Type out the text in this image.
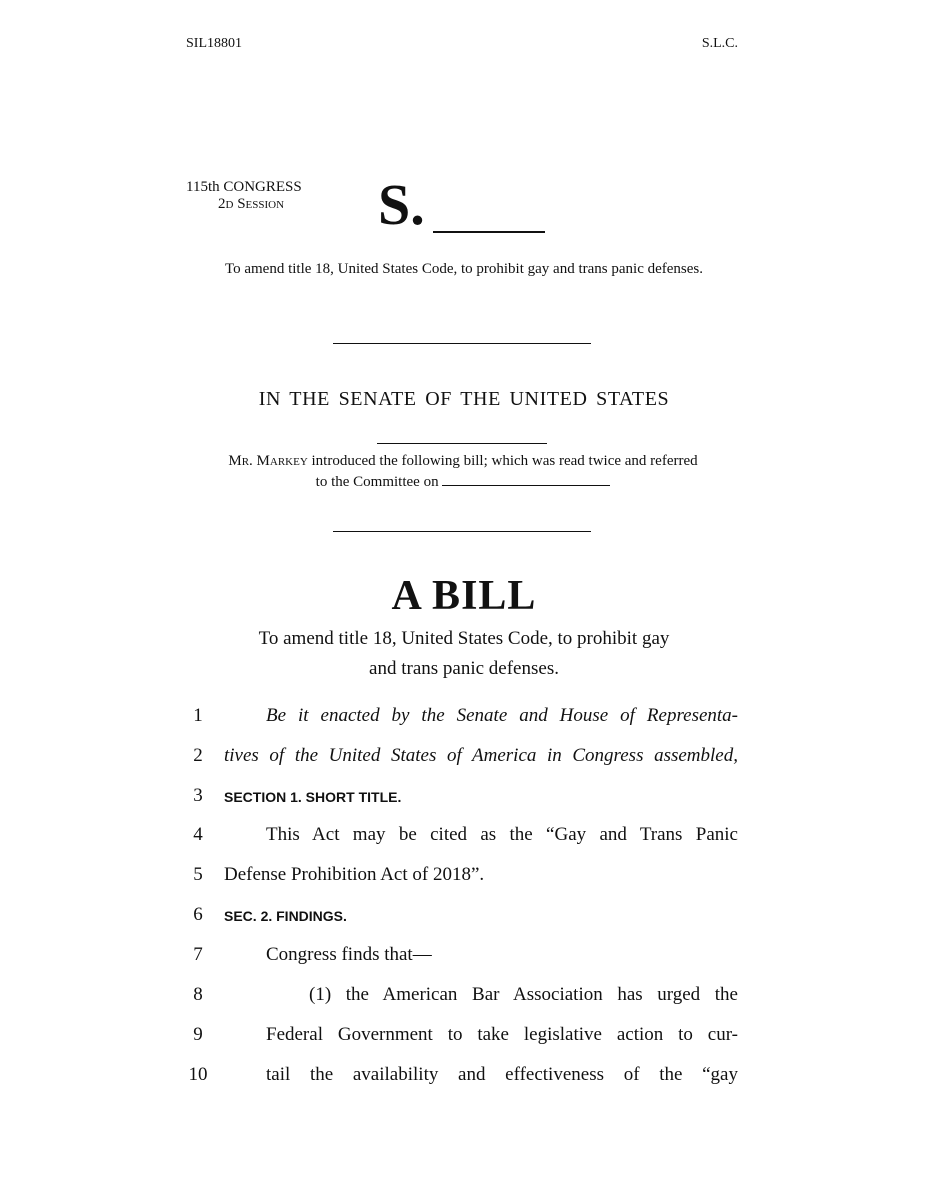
SIL18801	S.L.C.
115th CONGRESS
2d Session	S.
To amend title 18, United States Code, to prohibit gay and trans panic defenses.
IN THE SENATE OF THE UNITED STATES
Mr. Markey introduced the following bill; which was read twice and referred
to the Committee on
A BILL
To amend title 18, United States Code, to prohibit gay
and trans panic defenses.
1	Be it enacted by the Senate and House of Representa-
2	tives of the United States of America in Congress assembled,
3	SECTION 1. SHORT TITLE.
4	This Act may be cited as the “Gay and Trans Panic
5	Defense Prohibition Act of 2018”.
6	SEC. 2. FINDINGS.
7	Congress finds that—
8	(1) the American Bar Association has urged the
9	Federal Government to take legislative action to cur-
10	tail the availability and effectiveness of the “gay
